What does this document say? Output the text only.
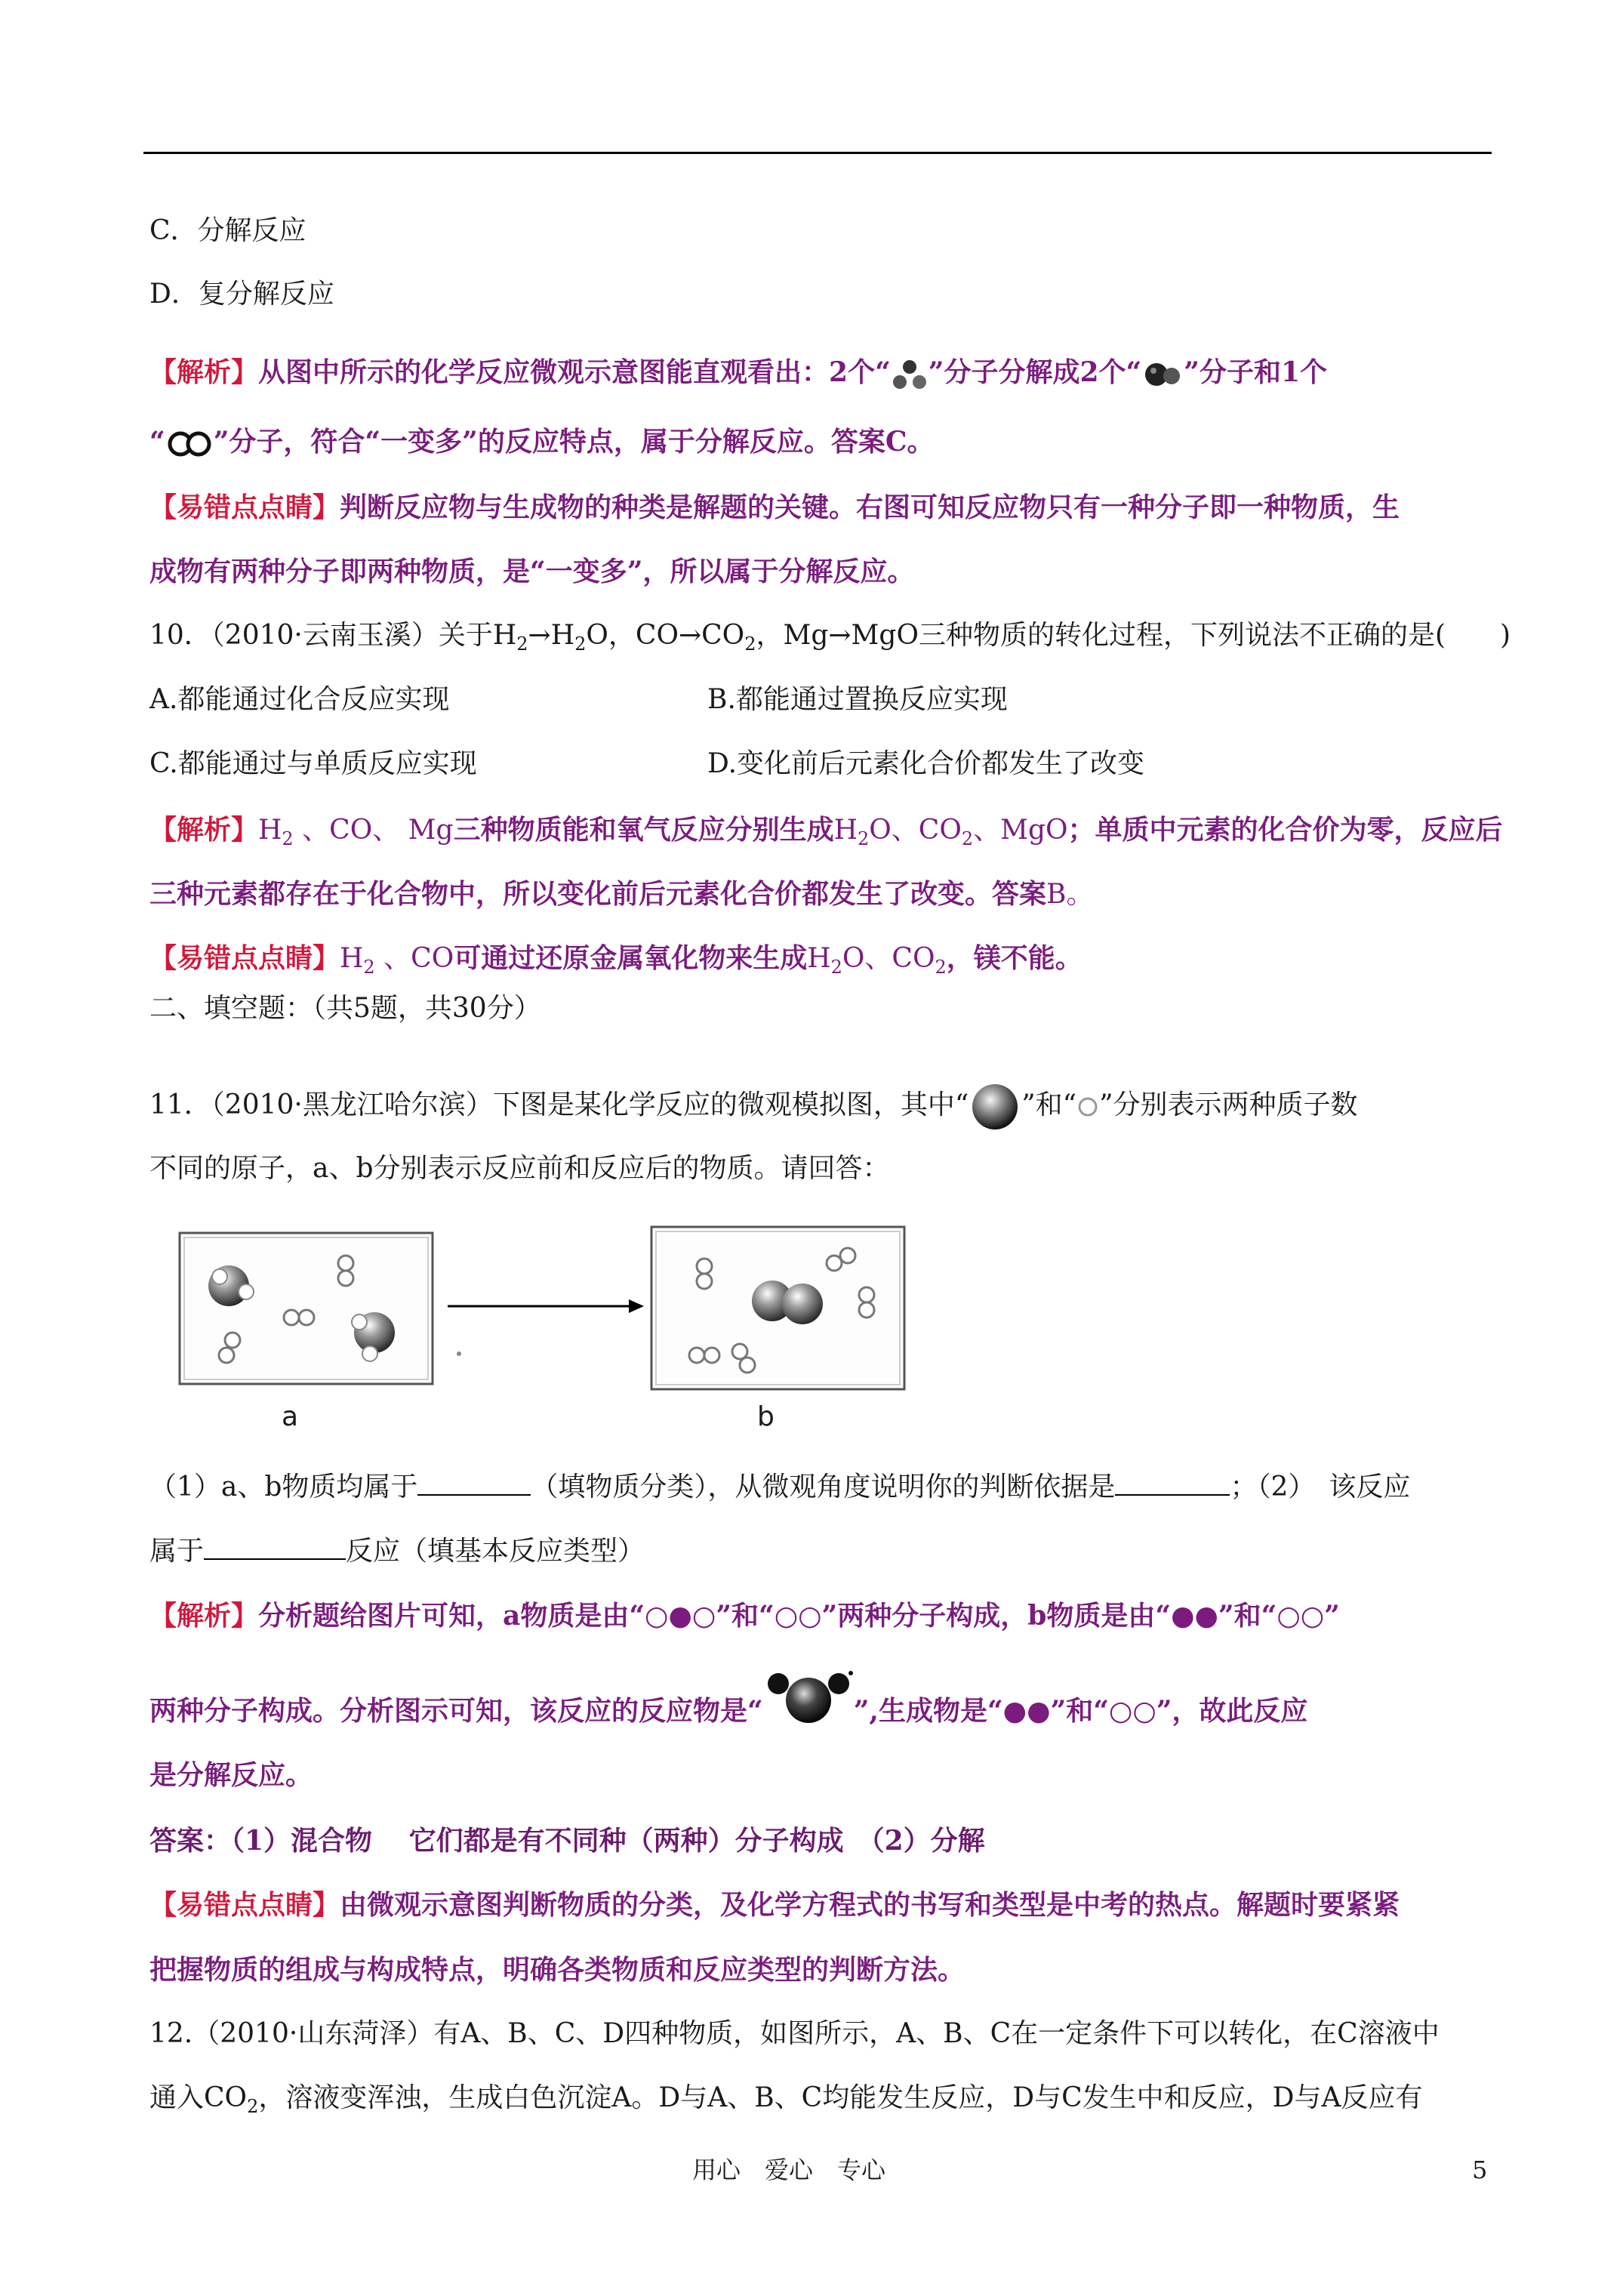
C．分解反应
D．复分解反应
【解析】从图中所示的化学反应微观示意图能直观看出：2个“ ”分子分解成2个“ ”分子和1个
“ ”分子，符合“一变多”的反应特点，属于分解反应。答案C。
【易错点点睛】判断反应物与生成物的种类是解题的关键。右图可知反应物只有一种分子即一种物质，生
成物有两种分子即两种物质，是“一变多”，所以属于分解反应。
10．（2010·云南玉溪）关于$H_2\to H_2O$，$CO\to CO_2$，Mg→MgO三种物质的转化过程，下列说法不正确的是(　　)
A.都能通过化合反应实现	B.都能通过置换反应实现
C.都能通过与单质反应实现	D.变化前后元素化合价都发生了改变
【解析】$H_2$ 、CO、 Mg三种物质能和氧气反应分别生成$H_2O$、$CO_2$、MgO；单质中元素的化合价为零，反应后
三种元素都存在于化合物中，所以变化前后元素化合价都发生了改变。答案B。
【易错点点睛】$H_2$ 、CO可通过还原金属氧化物来生成$H_2O$、$CO_2$，镁不能。
二、填空题：（共5题，共30分）
11．（2010·黑龙江哈尔滨）下图是某化学反应的微观模拟图，其中“ ”和“ ”分别表示两种质子数
不同的原子，a、b分别表示反应前和反应后的物质。请回答：
a	b
（1）a、b物质均属于	（填物质分类），从微观角度说明你的判断依据是	；（2）　该反应
属于	反应（填基本反应类型）
【解析】分析题给图片可知，a物质是由“○●○”和“○○”两种分子构成，b物质是由“●●”和“○○”
两种分子构成。分析图示可知，该反应的反应物是“	”,生成物是“●●”和“○○”，故此反应
是分解反应。
答案：（1）混合物　 它们都是有不同种（两种）分子构成　（2）分解
【易错点点睛】由微观示意图判断物质的分类，及化学方程式的书写和类型是中考的热点。解题时要紧紧
把握物质的组成与构成特点，明确各类物质和反应类型的判断方法。
12.（2010·山东菏泽）有A、B、C、D四种物质，如图所示，A、B、C在一定条件下可以转化，在C溶液中
通入$CO_2$，溶液变浑浊，生成白色沉淀A。D与A、B、C均能发生反应，D与C发生中和反应，D与A反应有
用心　爱心　专心	5
